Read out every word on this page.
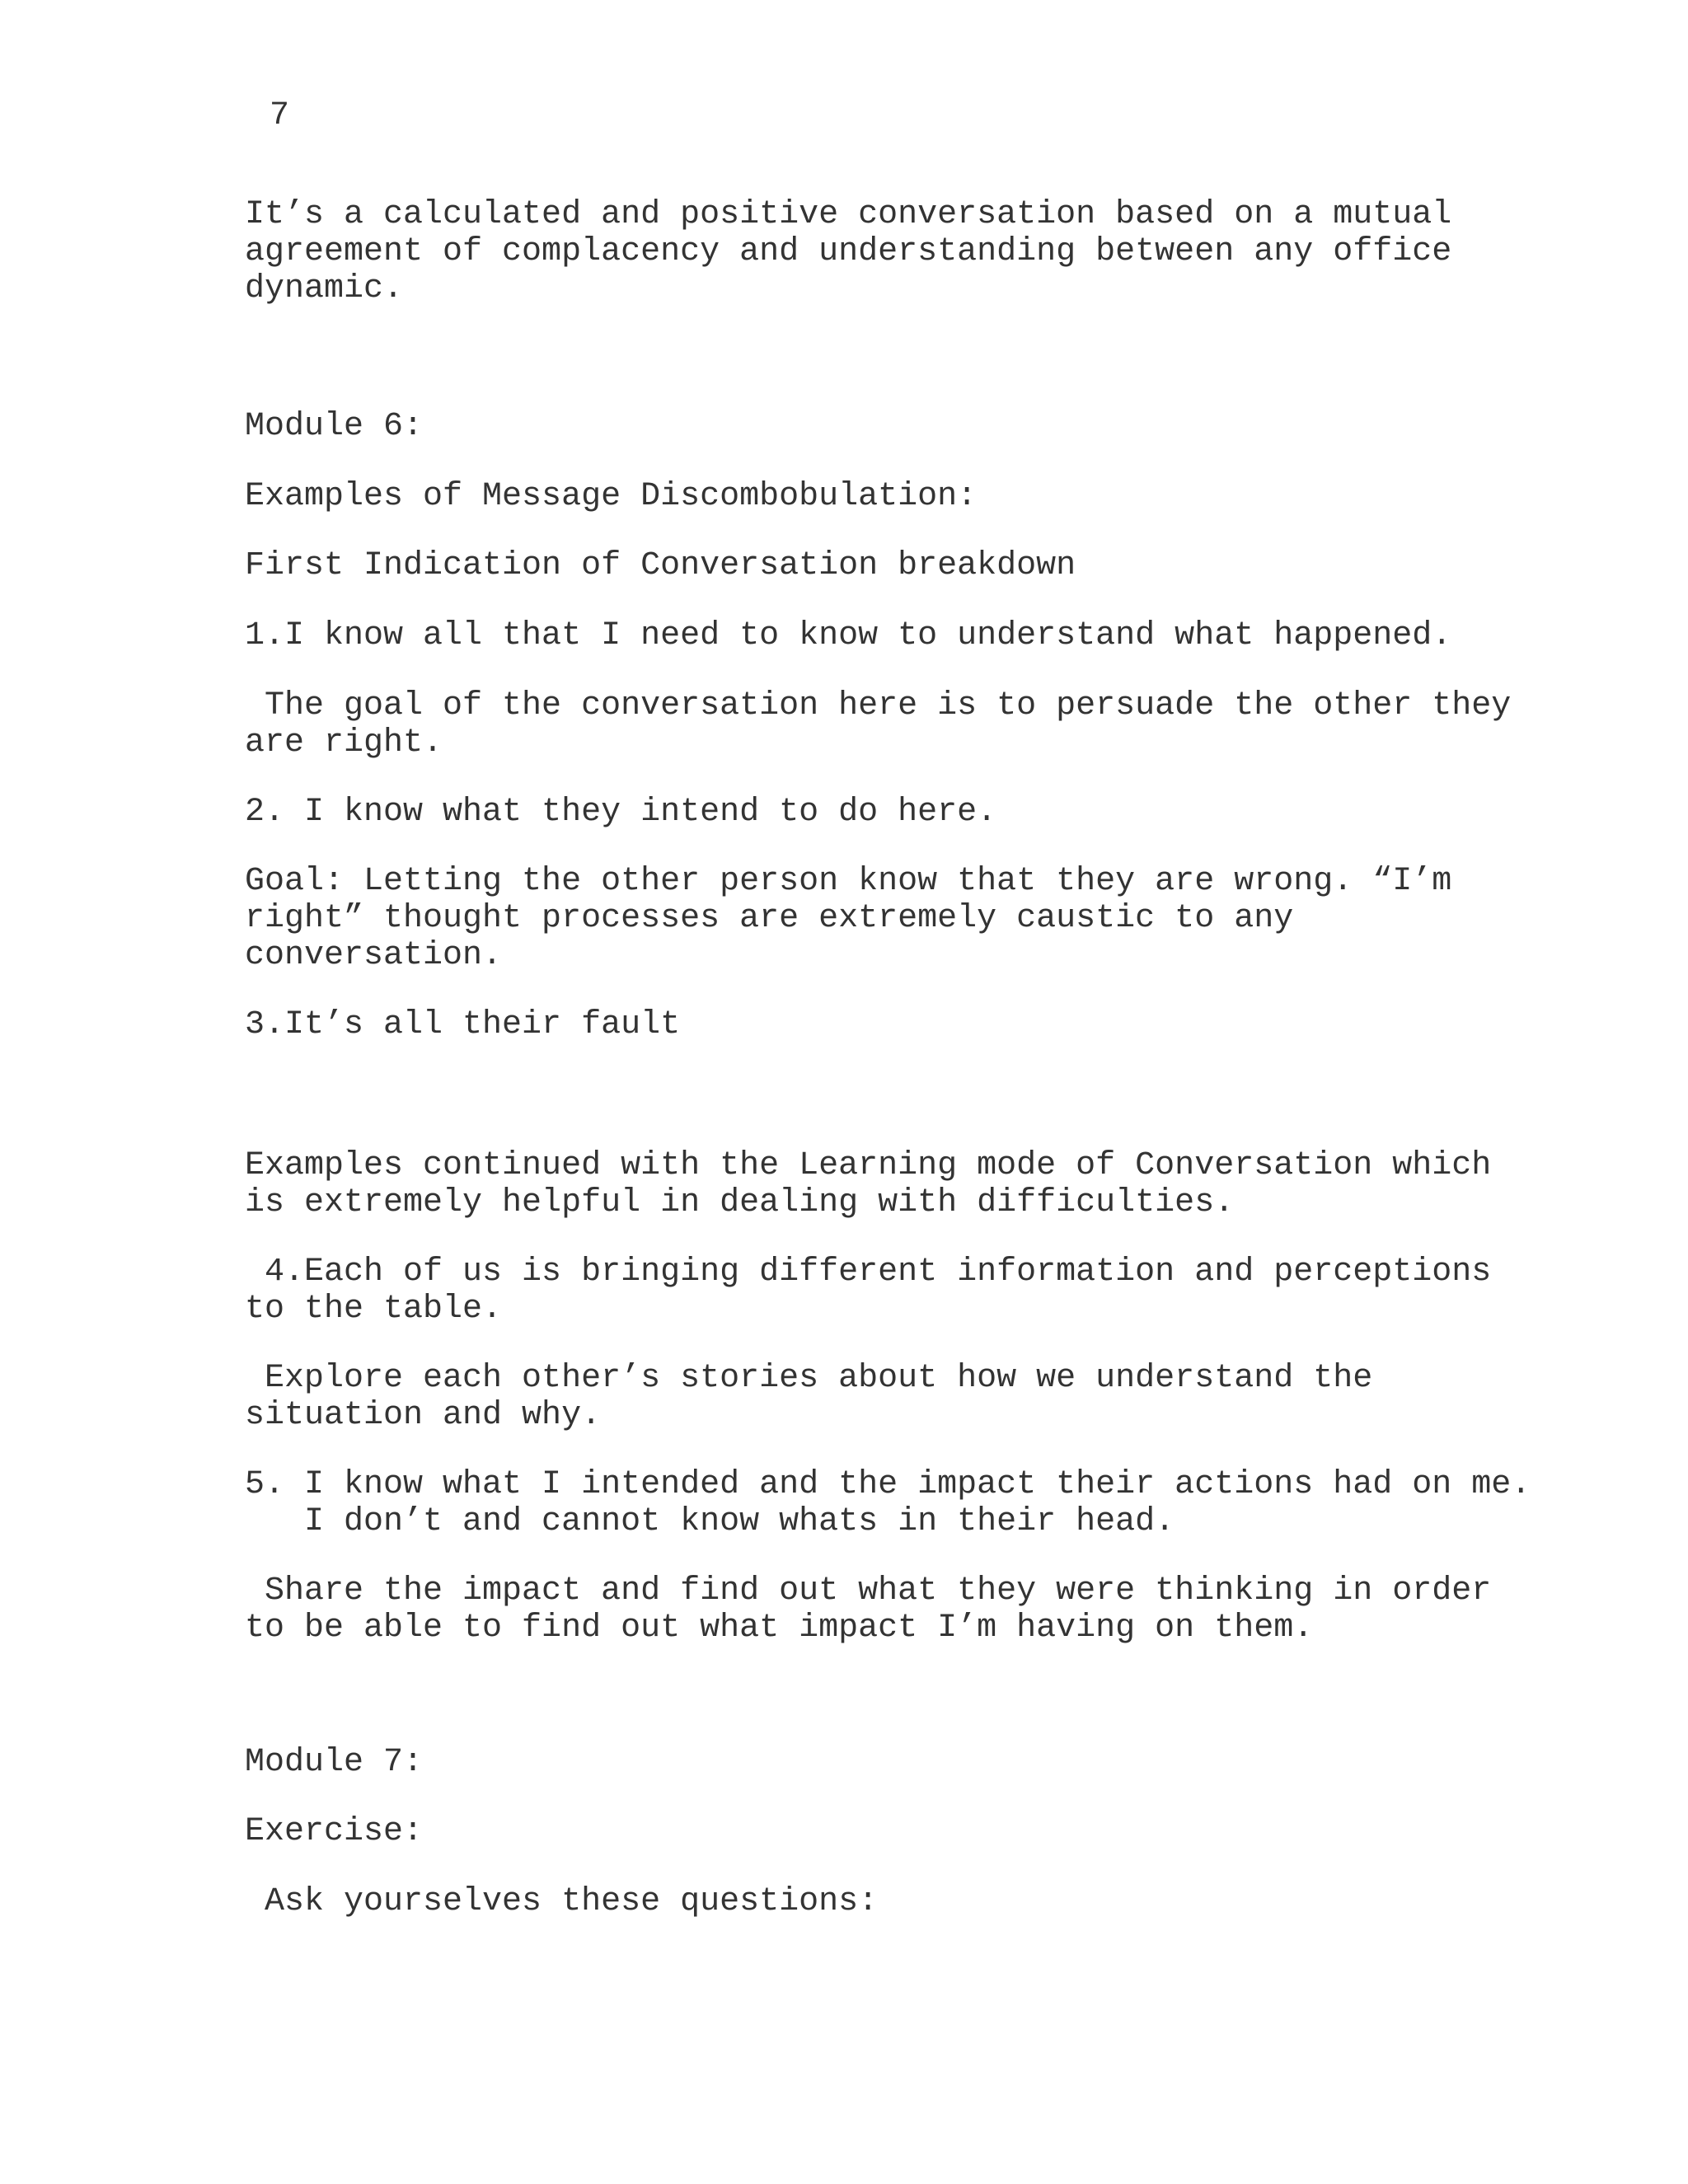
7
It’s a calculated and positive conversation based on a mutual
agreement of complacency and understanding between any office
dynamic.
Module 6:
Examples of Message Discombobulation:
First Indication of Conversation breakdown
1.I know all that I need to know to understand what happened.
The goal of the conversation here is to persuade the other they
are right.
2. I know what they intend to do here.
Goal: Letting the other person know that they are wrong. “I’m
right” thought processes are extremely caustic to any
conversation.
3.It’s all their fault
Examples continued with the Learning mode of Conversation which
is extremely helpful in dealing with difficulties.
4.Each of us is bringing different information and perceptions
to the table.
Explore each other’s stories about how we understand the
situation and why.
5. I know what I intended and the impact their actions had on me.
I don’t and cannot know whats in their head.
Share the impact and find out what they were thinking in order
to be able to find out what impact I’m having on them.
Module 7:
Exercise:
Ask yourselves these questions:
